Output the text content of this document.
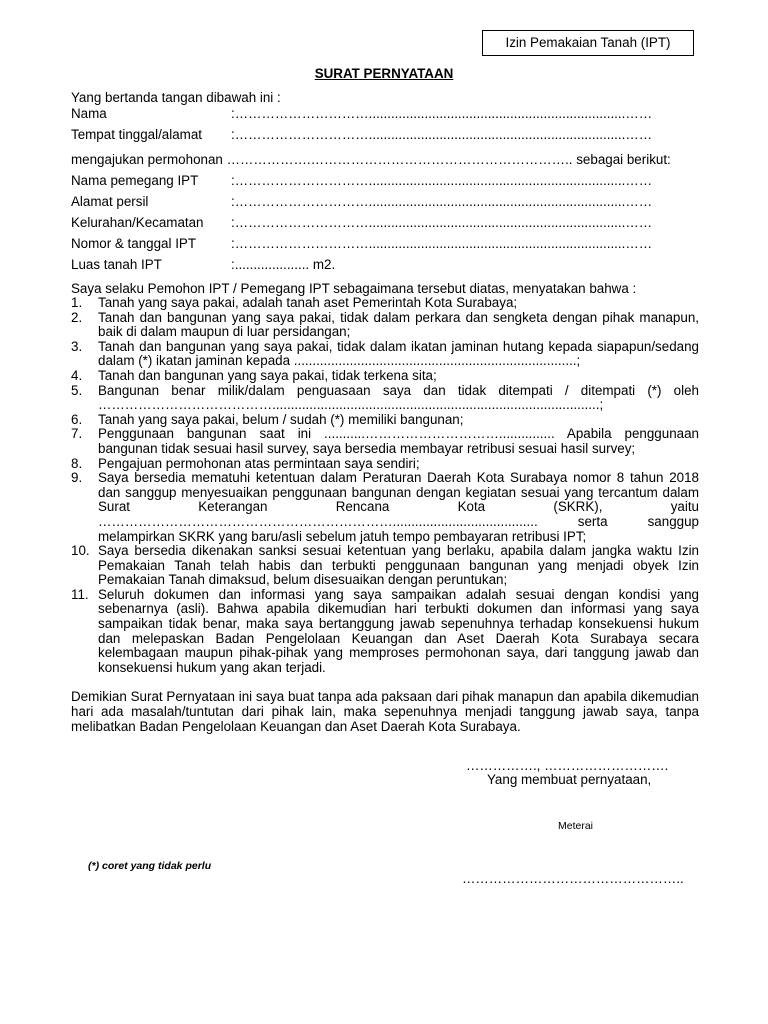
Izin Pemakaian Tanah (IPT)
SURAT PERNYATAAN
Yang bertanda tangan dibawah ini :
Nama	: ………………………….....................................................................……
Tempat tinggal/alamat	: ………………………….....................................................................……
mengajukan permohonan ……………….………………………………………………….. sebagai berikut:
Nama pemegang IPT	: ………………………….....................................................................……
Alamat persil	: ………………………….....................................................................……
Kelurahan/Kecamatan	: ………………………….....................................................................……
Nomor & tanggal IPT	: ………………………….....................................................................……
Luas tanah IPT	: .................... m2.
Saya selaku Pemohon IPT / Pemegang IPT sebagaimana tersebut diatas, menyatakan bahwa :
1.	Tanah yang saya pakai, adalah tanah aset Pemerintah Kota Surabaya;
2.	Tanah dan bangunan yang saya pakai, tidak dalam perkara dan sengketa dengan pihak manapun, baik di dalam maupun di luar persidangan;
3.	Tanah dan bangunan yang saya pakai, tidak dalam ikatan jaminan hutang kepada siapapun/sedang dalam (*) ikatan jaminan kepada ............................................................................;
4.	Tanah dan bangunan yang saya pakai, tidak terkena sita;
5.	Bangunan benar milik/dalam penguasaan saya dan tidak ditempati / ditempati (*) oleh …………………………………........................................................................................;
6.	Tanah yang saya pakai, belum / sudah (*) memiliki bangunan;
7.	Penggunaan bangunan saat ini ...........…………………………............... Apabila penggunaan bangunan tidak sesuai hasil survey, saya bersedia membayar retribusi sesuai hasil survey;
8.	Pengajuan permohonan atas permintaan saya sendiri;
9.	Saya bersedia mematuhi ketentuan dalam Peraturan Daerah Kota Surabaya nomor 8 tahun 2018 dan sanggup menyesuaikan penggunaan bangunan dengan kegiatan sesuai yang tercantum dalam Surat Keterangan Rencana Kota (SKRK), yaitu …………………………………………………………....................................... serta sanggup melampirkan SKRK yang baru/asli sebelum jatuh tempo pembayaran retribusi IPT;
10. Saya bersedia dikenakan sanksi sesuai ketentuan yang berlaku, apabila dalam jangka waktu Izin Pemakaian Tanah telah habis dan terbukti penggunaan bangunan yang menjadi obyek Izin Pemakaian Tanah dimaksud, belum disesuaikan dengan peruntukan;
11. Seluruh dokumen dan informasi yang saya sampaikan adalah sesuai dengan kondisi yang sebenarnya (asli). Bahwa apabila dikemudian hari terbukti dokumen dan informasi yang saya sampaikan tidak benar, maka saya bertanggung jawab sepenuhnya terhadap konsekuensi hukum dan melepaskan Badan Pengelolaan Keuangan dan Aset Daerah Kota Surabaya secara kelembagaan maupun pihak-pihak yang memproses permohonan saya, dari tanggung jawab dan konsekuensi hukum yang akan terjadi.
Demikian Surat Pernyataan ini saya buat tanpa ada paksaan dari pihak manapun dan apabila dikemudian hari ada masalah/tuntutan dari pihak lain, maka sepenuhnya menjadi tanggung jawab saya, tanpa melibatkan Badan Pengelolaan Keuangan dan Aset Daerah Kota Surabaya.
……………., ……………………….
Yang membuat pernyataan,
Meterai
(*) coret yang tidak perlu
…………………………………………..
